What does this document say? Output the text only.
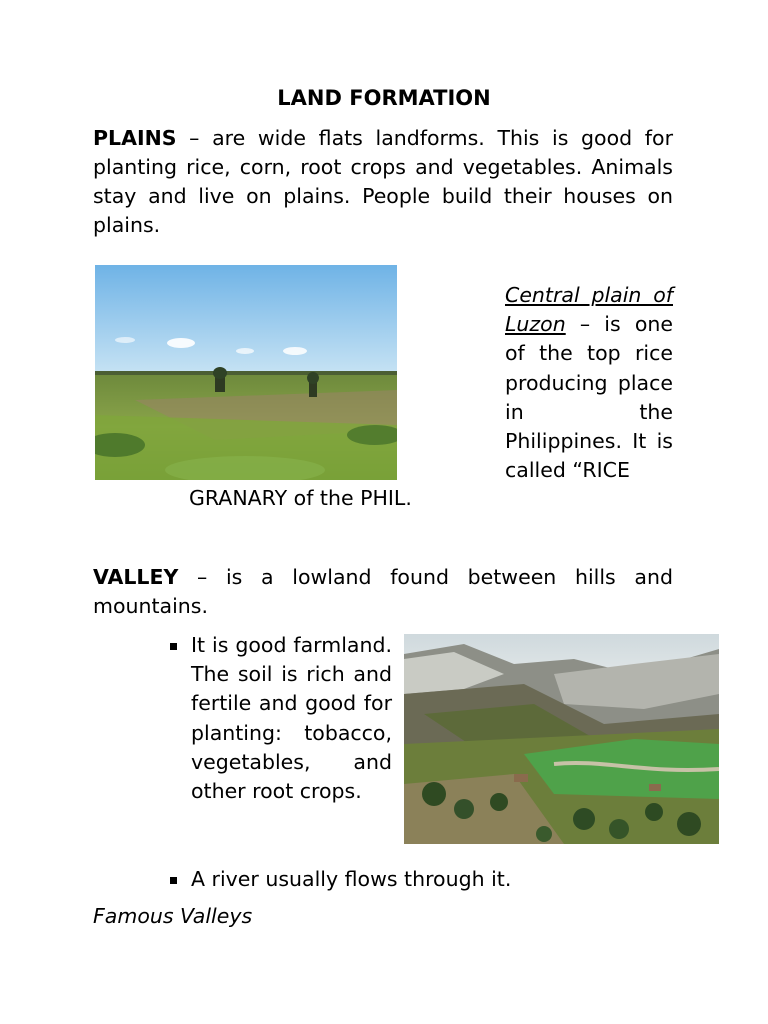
LAND FORMATION
PLAINS – are wide flats landforms. This is good for planting rice, corn, root crops and vegetables. Animals stay and live on plains. People build their houses on plains.
Central plain of Luzon – is one of the top rice producing place in the Philippines. It is called “RICE
GRANARY of the PHIL.
VALLEY – is a lowland found between hills and mountains.
It is good farmland. The soil is rich and fertile and good for planting: tobacco, vegetables, and other root crops.
A river usually flows through it.
Famous Valleys
